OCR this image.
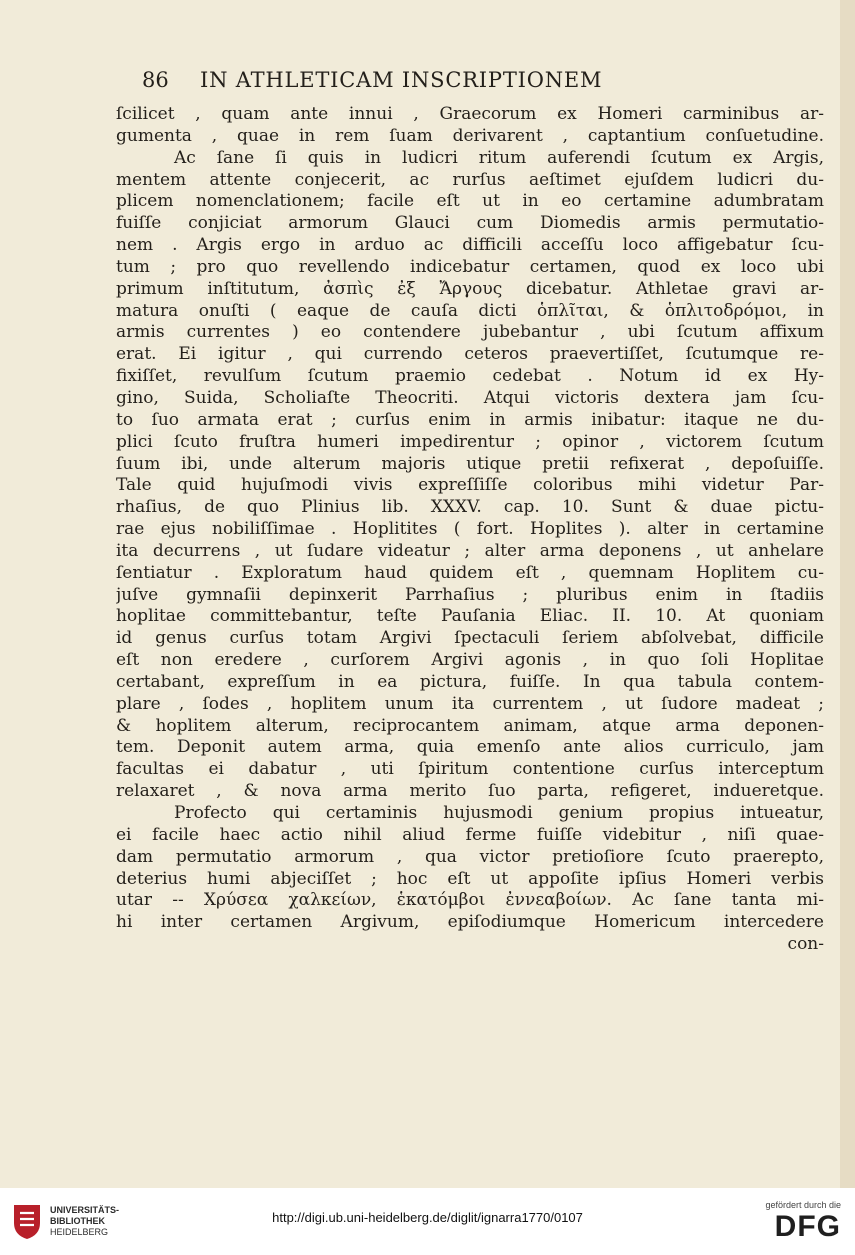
86	IN ATHLETICAM INSCRIPTIONEM
ſcilicet , quam ante innui , Graecorum ex Homeri carminibus ar-
gumenta , quae in rem ſuam derivarent , captantium conſuetudine.
Ac ſane ſi quis in ludicri ritum auferendi ſcutum ex Argis,
mentem attente conjecerit, ac rurſus aeſtimet ejuſdem ludicri du-
plicem nomenclationem; facile eſt ut in eo certamine adumbratam
fuiſſe conjiciat armorum Glauci cum Diomedis armis permutatio-
nem . Argis ergo in arduo ac difficili acceſſu loco affigebatur ſcu-
tum ; pro quo revellendo indicebatur certamen, quod ex loco ubi
primum inſtitutum, ἀσπὶς ἐξ Ἄργους dicebatur. Athletae gravi ar-
matura onuſti ( eaque de cauſa dicti ὁπλῖται, & ὁπλιτοδρόμοι, in
armis currentes ) eo contendere jubebantur , ubi ſcutum affixum
erat. Ei igitur , qui currendo ceteros praevertiſſet, ſcutumque re-
fixiſſet, revulſum ſcutum praemio cedebat . Notum id ex Hy-
gino, Suida, Scholiaſte Theocriti. Atqui victoris dextera jam ſcu-
to ſuo armata erat ; curſus enim in armis inibatur: itaque ne du-
plici ſcuto fruſtra humeri impedirentur ; opinor , victorem ſcutum
ſuum ibi, unde alterum majoris utique pretii refixerat , depoſuiſſe.
Tale quid hujuſmodi vivis expreſſiſſe coloribus mihi videtur Par-
rhaſius, de quo Plinius lib. XXXV. cap. 10. Sunt & duae pictu-
rae ejus nobiliſſimae . Hoplitites ( fort. Hoplites ). alter in certamine
ita decurrens , ut ſudare videatur ; alter arma deponens , ut anhelare
ſentiatur . Exploratum haud quidem eſt , quemnam Hoplitem cu-
juſve gymnaſii depinxerit Parrhaſius ; pluribus enim in ſtadiis
hoplitae committebantur, teſte Pauſania Eliac. II. 10. At quoniam
id genus curſus totam Argivi ſpectaculi ſeriem abſolvebat, difficile
eſt non eredere , curſorem Argivi agonis , in quo ſoli Hoplitae
certabant, expreſſum in ea pictura, fuiſſe. In qua tabula contem-
plare , ſodes , hoplitem unum ita currentem , ut ſudore madeat ;
& hoplitem alterum, reciprocantem animam, atque arma deponen-
tem. Deponit autem arma, quia emenſo ante alios curriculo, jam
facultas ei dabatur , uti ſpiritum contentione curſus interceptum
relaxaret , & nova arma merito ſuo parta, refigeret, indueretque.
Profecto qui certaminis hujusmodi genium propius intueatur,
ei facile haec actio nihil aliud ferme fuiſſe videbitur , niſi quae-
dam permutatio armorum , qua victor pretioſiore ſcuto praerepto,
deterius humi abjeciſſet ; hoc eſt ut appoſite ipſius Homeri verbis
utar -- Χρύσεα χαλκείων, ἑκατόμβοι ἐννεαβοίων. Ac ſane tanta mi-
hi inter certamen Argivum, epiſodiumque Homericum intercedere
con-
UNIVERSITÄTS-
BIBLIOTHEK
HEIDELBERG
http://digi.ub.uni-heidelberg.de/diglit/ignarra1770/0107
gefördert durch die
DFG
